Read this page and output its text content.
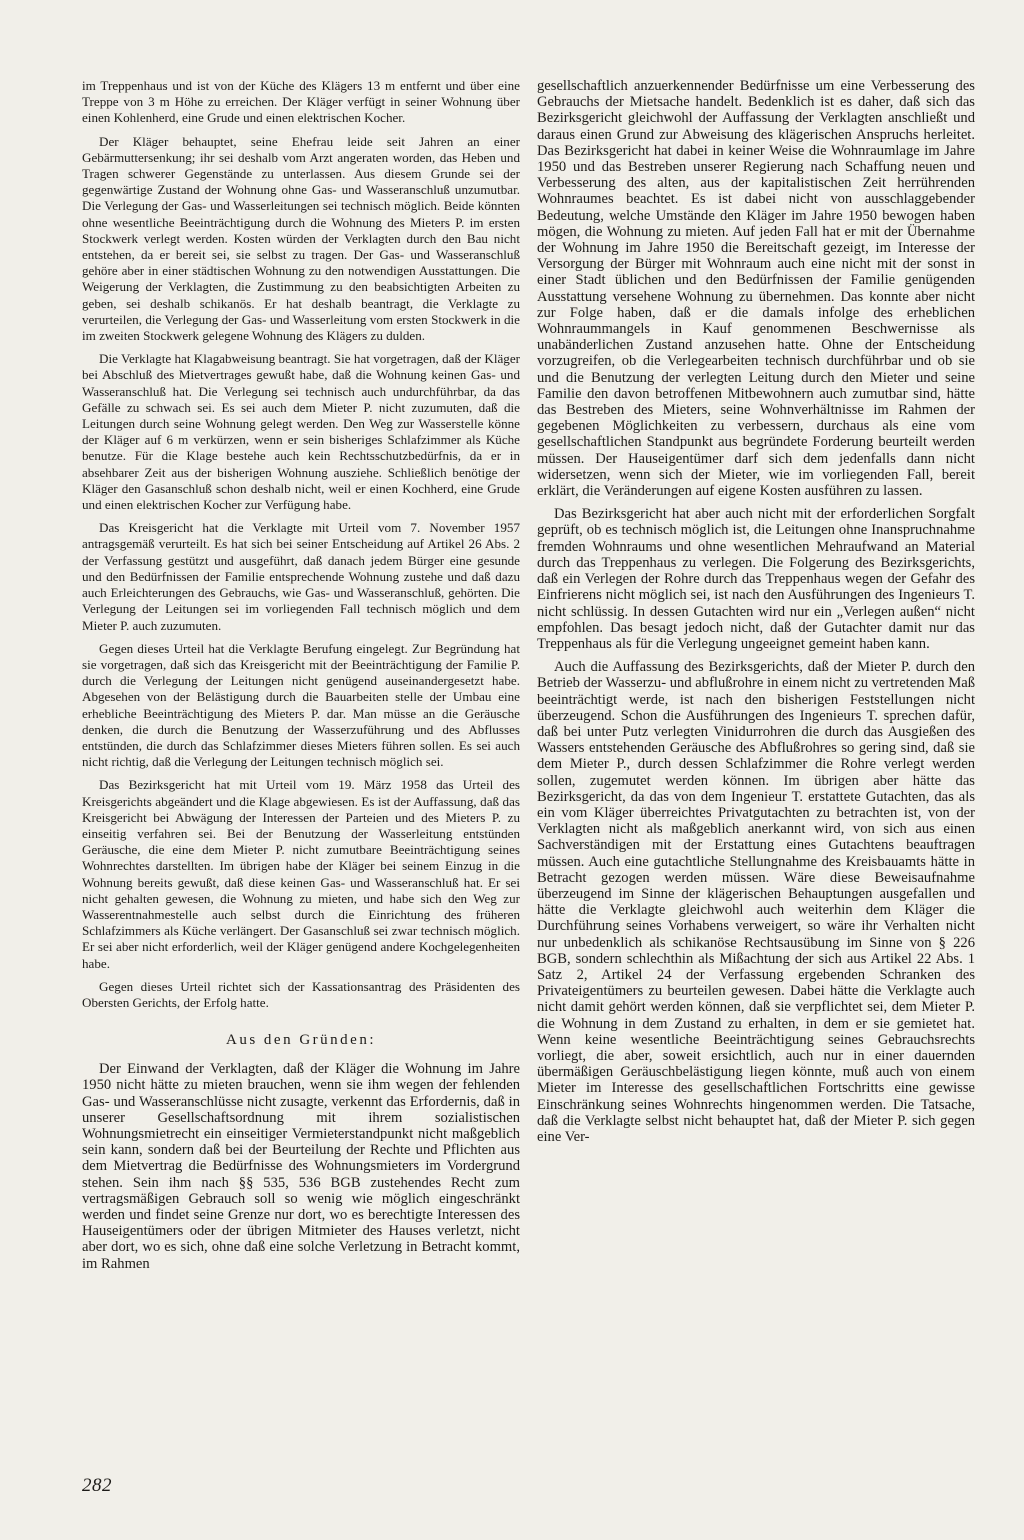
im Treppenhaus und ist von der Küche des Klägers 13 m entfernt und über eine Treppe von 3 m Höhe zu erreichen. Der Kläger verfügt in seiner Wohnung über einen Kohlenherd, eine Grude und einen elektrischen Kocher.

Der Kläger behauptet, seine Ehefrau leide seit Jahren an einer Gebärmuttersenkung; ihr sei deshalb vom Arzt angeraten worden, das Heben und Tragen schwerer Gegenstände zu unterlassen. Aus diesem Grunde sei der gegenwärtige Zustand der Wohnung ohne Gas- und Wasseranschluß unzumutbar. Die Verlegung der Gas- und Wasserleitungen sei technisch möglich. Beide könnten ohne wesentliche Beeinträchtigung durch die Wohnung des Mieters P. im ersten Stockwerk verlegt werden. Kosten würden der Verklagten durch den Bau nicht entstehen, da er bereit sei, sie selbst zu tragen. Der Gas- und Wasseranschluß gehöre aber in einer städtischen Wohnung zu den notwendigen Ausstattungen. Die Weigerung der Verklagten, die Zustimmung zu den beabsichtigten Arbeiten zu geben, sei deshalb schikanös. Er hat deshalb beantragt, die Verklagte zu verurteilen, die Verlegung der Gas- und Wasserleitung vom ersten Stockwerk in die im zweiten Stockwerk gelegene Wohnung des Klägers zu dulden.

Die Verklagte hat Klagabweisung beantragt. Sie hat vorgetragen, daß der Kläger bei Abschluß des Mietvertrages gewußt habe, daß die Wohnung keinen Gas- und Wasseranschluß hat. Die Verlegung sei technisch auch undurchführbar, da das Gefälle zu schwach sei. Es sei auch dem Mieter P. nicht zuzumuten, daß die Leitungen durch seine Wohnung gelegt werden. Den Weg zur Wasserstelle könne der Kläger auf 6 m verkürzen, wenn er sein bisheriges Schlafzimmer als Küche benutze. Für die Klage bestehe auch kein Rechtsschutzbedürfnis, da er in absehbarer Zeit aus der bisherigen Wohnung ausziehe. Schließlich benötige der Kläger den Gasanschluß schon deshalb nicht, weil er einen Kochherd, eine Grude und einen elektrischen Kocher zur Verfügung habe.

Das Kreisgericht hat die Verklagte mit Urteil vom 7. November 1957 antragsgemäß verurteilt. Es hat sich bei seiner Entscheidung auf Artikel 26 Abs. 2 der Verfassung gestützt und ausgeführt, daß danach jedem Bürger eine gesunde und den Bedürfnissen der Familie entsprechende Wohnung zustehe und daß dazu auch Erleichterungen des Gebrauchs, wie Gas- und Wasseranschluß, gehörten. Die Verlegung der Leitungen sei im vorliegenden Fall technisch möglich und dem Mieter P. auch zuzumuten.

Gegen dieses Urteil hat die Verklagte Berufung eingelegt. Zur Begründung hat sie vorgetragen, daß sich das Kreisgericht mit der Beeinträchtigung der Familie P. durch die Verlegung der Leitungen nicht genügend auseinandergesetzt habe. Abgesehen von der Belästigung durch die Bauarbeiten stelle der Umbau eine erhebliche Beeinträchtigung des Mieters P. dar. Man müsse an die Geräusche denken, die durch die Benutzung der Wasserzuführung und des Abflusses entstünden, die durch das Schlafzimmer dieses Mieters führen sollen. Es sei auch nicht richtig, daß die Verlegung der Leitungen technisch möglich sei.

Das Bezirksgericht hat mit Urteil vom 19. März 1958 das Urteil des Kreisgerichts abgeändert und die Klage abgewiesen. Es ist der Auffassung, daß das Kreisgericht bei Abwägung der Interessen der Parteien und des Mieters P. zu einseitig verfahren sei. Bei der Benutzung der Wasserleitung entstünden Geräusche, die eine dem Mieter P. nicht zumutbare Beeinträchtigung seines Wohnrechtes darstellten. Im übrigen habe der Kläger bei seinem Einzug in die Wohnung bereits gewußt, daß diese keinen Gas- und Wasseranschluß hat. Er sei nicht gehalten gewesen, die Wohnung zu mieten, und habe sich den Weg zur Wasserentnahmestelle auch selbst durch die Einrichtung des früheren Schlafzimmers als Küche verlängert. Der Gasanschluß sei zwar technisch möglich. Er sei aber nicht erforderlich, weil der Kläger genügend andere Kochgelegenheiten habe.

Gegen dieses Urteil richtet sich der Kassationsantrag des Präsidenten des Obersten Gerichts, der Erfolg hatte.

Aus den Gründen:

Der Einwand der Verklagten, daß der Kläger die Wohnung im Jahre 1950 nicht hätte zu mieten brauchen, wenn sie ihm wegen der fehlenden Gas- und Wasseranschlüsse nicht zusagte, verkennt das Erfordernis, daß in unserer Gesellschaftsordnung mit ihrem sozialistischen Wohnungsmietrecht ein einseitiger Vermieterstandpunkt nicht maßgeblich sein kann, sondern daß bei der Beurteilung der Rechte und Pflichten aus dem Mietvertrag die Bedürfnisse des Wohnungsmieters im Vordergrund stehen. Sein ihm nach §§ 535, 536 BGB zustehendes Recht zum vertragsmäßigen Gebrauch soll so wenig wie möglich eingeschränkt werden und findet seine Grenze nur dort, wo es berechtigte Interessen des Hauseigentümers oder der übrigen Mitmieter des Hauses verletzt, nicht aber dort, wo es sich, ohne daß eine solche Verletzung in Betracht kommt, im Rahmen

gesellschaftlich anzuerkennender Bedürfnisse um eine Verbesserung des Gebrauchs der Mietsache handelt. Bedenklich ist es daher, daß sich das Bezirksgericht gleichwohl der Auffassung der Verklagten anschließt und daraus einen Grund zur Abweisung des klägerischen Anspruchs herleitet. Das Bezirksgericht hat dabei in keiner Weise die Wohnraumlage im Jahre 1950 und das Bestreben unserer Regierung nach Schaffung neuen und Verbesserung des alten, aus der kapitalistischen Zeit herrührenden Wohnraumes beachtet. Es ist dabei nicht von ausschlaggebender Bedeutung, welche Umstände den Kläger im Jahre 1950 bewogen haben mögen, die Wohnung zu mieten. Auf jeden Fall hat er mit der Übernahme der Wohnung im Jahre 1950 die Bereitschaft gezeigt, im Interesse der Versorgung der Bürger mit Wohnraum auch eine nicht mit der sonst in einer Stadt üblichen und den Bedürfnissen der Familie genügenden Ausstattung versehene Wohnung zu übernehmen. Das konnte aber nicht zur Folge haben, daß er die damals infolge des erheblichen Wohnraummangels in Kauf genommenen Beschwernisse als unabänderlichen Zustand anzusehen hatte. Ohne der Entscheidung vorzugreifen, ob die Verlegearbeiten technisch durchführbar und ob sie und die Benutzung der verlegten Leitung durch den Mieter und seine Familie den davon betroffenen Mitbewohnern auch zumutbar sind, hätte das Bestreben des Mieters, seine Wohnverhältnisse im Rahmen der gegebenen Möglichkeiten zu verbessern, durchaus als eine vom gesellschaftlichen Standpunkt aus begründete Forderung beurteilt werden müssen. Der Hauseigentümer darf sich dem jedenfalls dann nicht widersetzen, wenn sich der Mieter, wie im vorliegenden Fall, bereit erklärt, die Veränderungen auf eigene Kosten ausführen zu lassen.

Das Bezirksgericht hat aber auch nicht mit der erforderlichen Sorgfalt geprüft, ob es technisch möglich ist, die Leitungen ohne Inanspruchnahme fremden Wohnraums und ohne wesentlichen Mehraufwand an Material durch das Treppenhaus zu verlegen. Die Folgerung des Bezirksgerichts, daß ein Verlegen der Rohre durch das Treppenhaus wegen der Gefahr des Einfrierens nicht möglich sei, ist nach den Ausführungen des Ingenieurs T. nicht schlüssig. In dessen Gutachten wird nur ein „Verlegen außen“ nicht empfohlen. Das besagt jedoch nicht, daß der Gutachter damit nur das Treppenhaus als für die Verlegung ungeeignet gemeint haben kann.

Auch die Auffassung des Bezirksgerichts, daß der Mieter P. durch den Betrieb der Wasserzu- und abflußrohre in einem nicht zu vertretenden Maß beeinträchtigt werde, ist nach den bisherigen Feststellungen nicht überzeugend. Schon die Ausführungen des Ingenieurs T. sprechen dafür, daß bei unter Putz verlegten Vinidurrohren die durch das Ausgießen des Wassers entstehenden Geräusche des Abflußrohres so gering sind, daß sie dem Mieter P., durch dessen Schlafzimmer die Rohre verlegt werden sollen, zugemutet werden können. Im übrigen aber hätte das Bezirksgericht, da das von dem Ingenieur T. erstattete Gutachten, das als ein vom Kläger überreichtes Privatgutachten zu betrachten ist, von der Verklagten nicht als maßgeblich anerkannt wird, von sich aus einen Sachverständigen mit der Erstattung eines Gutachtens beauftragen müssen. Auch eine gutachtliche Stellungnahme des Kreisbauamts hätte in Betracht gezogen werden müssen. Wäre diese Beweisaufnahme überzeugend im Sinne der klägerischen Behauptungen ausgefallen und hätte die Verklagte gleichwohl auch weiterhin dem Kläger die Durchführung seines Vorhabens verweigert, so wäre ihr Verhalten nicht nur unbedenklich als schikanöse Rechtsausübung im Sinne von § 226 BGB, sondern schlechthin als Mißachtung der sich aus Artikel 22 Abs. 1 Satz 2, Artikel 24 der Verfassung ergebenden Schranken des Privateigentümers zu beurteilen gewesen. Dabei hätte die Verklagte auch nicht damit gehört werden können, daß sie verpflichtet sei, dem Mieter P. die Wohnung in dem Zustand zu erhalten, in dem er sie gemietet hat. Wenn keine wesentliche Beeinträchtigung seines Gebrauchsrechts vorliegt, die aber, soweit ersichtlich, auch nur in einer dauernden übermäßigen Geräuschbelästigung liegen könnte, muß auch von einem Mieter im Interesse des gesellschaftlichen Fortschritts eine gewisse Einschränkung seines Wohnrechts hingenommen werden. Die Tatsache, daß die Verklagte selbst nicht behauptet hat, daß der Mieter P. sich gegen eine Ver-

282
